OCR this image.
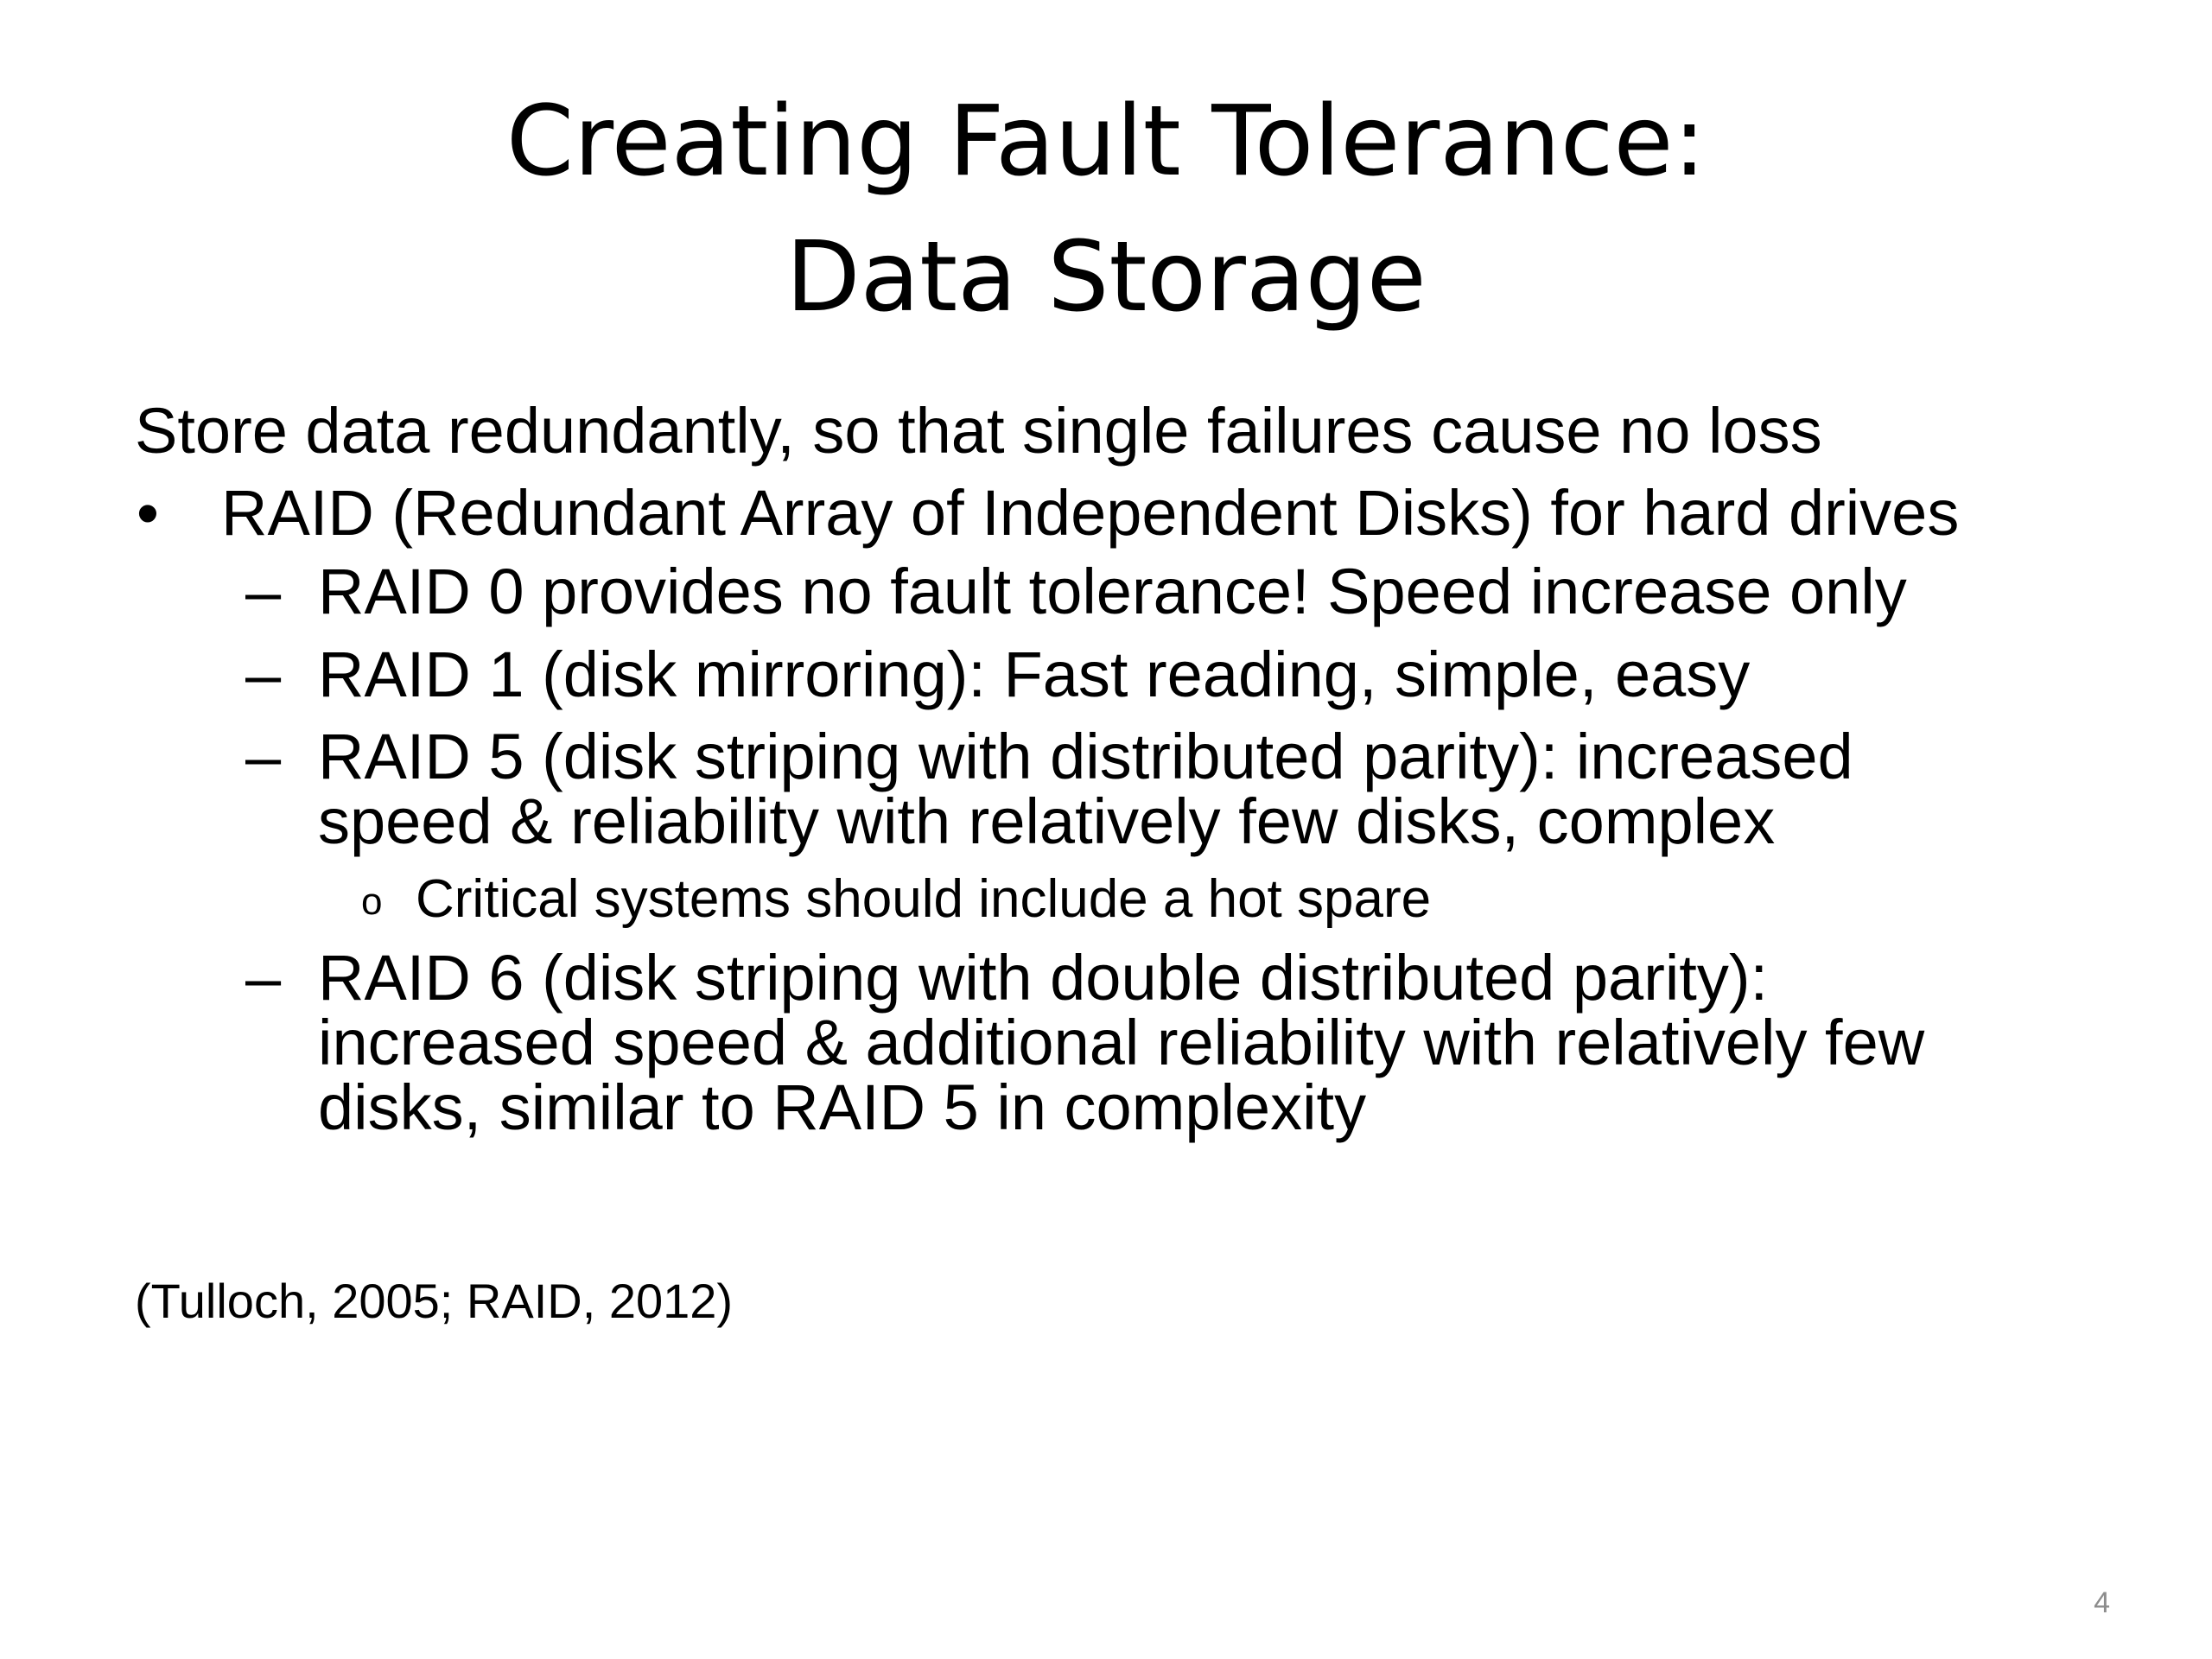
Creating Fault Tolerance:
Data Storage
Store data redundantly, so that single failures cause no loss
• RAID (Redundant Array of Independent Disks) for hard drives
– RAID 0 provides no fault tolerance! Speed increase only
– RAID 1 (disk mirroring): Fast reading, simple, easy
– RAID 5 (disk striping with distributed parity): increased
speed & reliability with relatively few disks, complex
o Critical systems should include a hot spare
– RAID 6 (disk striping with double distributed parity):
increased speed & additional reliability with relatively few
disks, similar to RAID 5 in complexity
(Tulloch, 2005; RAID, 2012)
4
